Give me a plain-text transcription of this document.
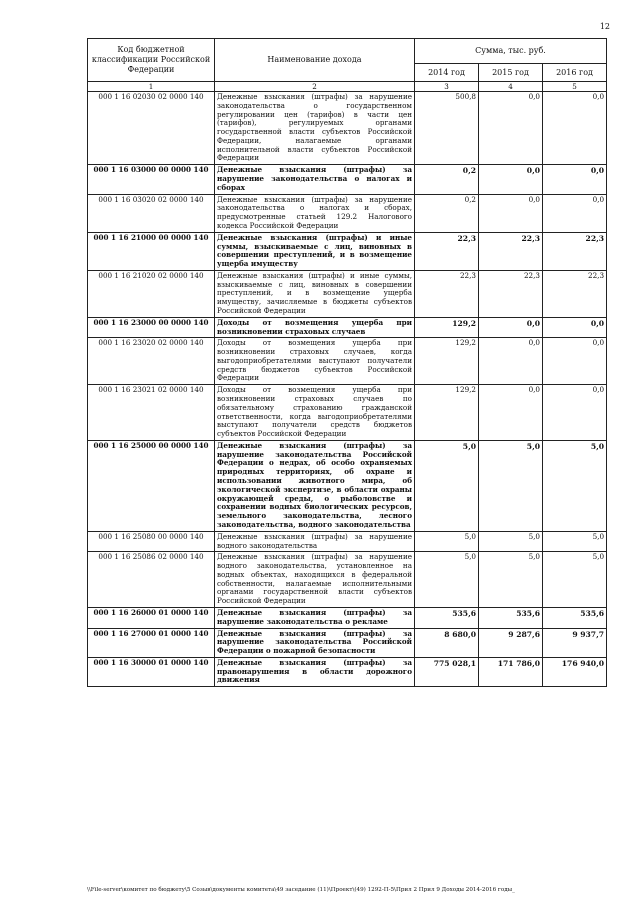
12
Код бюджетной классификации Российской Федерации	Наименование дохода	Сумма, тыс. руб.		
		2014 год	2015 год	2016 год
1	2	3	4	5
000 1 16 02030 02 0000 140	Денежные взыскания (штрафы) за нарушение законодательства о государственном регулировании цен (тарифов) в части цен (тарифов), регулируемых органами государственной власти субъектов Российской Федерации, налагаемые органами исполнительной власти субъектов Российской Федерации	500,8	0,0	0,0
000 1 16 03000 00 0000 140	Денежные взыскания (штрафы) за нарушение законодательства о налогах и сборах	0,2	0,0	0,0
000 1 16 03020 02 0000 140	Денежные взыскания (штрафы) за нарушение законодательства о налогах и сборах, предусмотренные статьей 129.2 Налогового кодекса Российской Федерации	0,2	0,0	0,0
000 1 16 21000 00 0000 140	Денежные взыскания (штрафы) и иные суммы, взыскиваемые с лиц, виновных в совершении преступлений, и в возмещение ущерба имуществу	22,3	22,3	22,3
000 1 16 21020 02 0000 140	Денежные взыскания (штрафы) и иные суммы, взыскиваемые с лиц, виновных в совершении преступлений, и в возмещение ущерба имуществу, зачисляемые в бюджеты субъектов Российской Федерации	22,3	22,3	22,3
000 1 16 23000 00 0000 140	Доходы от возмещения ущерба при возникновении страховых случаев	129,2	0,0	0,0
000 1 16 23020 02 0000 140	Доходы от возмещения ущерба при возникновении страховых случаев, когда выгодоприобретателями выступают получатели средств бюджетов субъектов Российской Федерации	129,2	0,0	0,0
000 1 16 23021 02 0000 140	Доходы от возмещения ущерба при возникновении страховых случаев по обязательному страхованию гражданской ответственности, когда выгодоприобретателями выступают получатели средств бюджетов субъектов Российской Федерации	129,2	0,0	0,0
000 1 16 25000 00 0000 140	Денежные взыскания (штрафы) за нарушение законодательства Российской Федерации о недрах, об особо охраняемых природных территориях, об охране и использовании животного мира, об экологической экспертизе, в области охраны окружающей среды, о рыболовстве и сохранении водных биологических ресурсов, земельного законодательства, лесного законодательства, водного законодательства	5,0	5,0	5,0
000 1 16 25080 00 0000 140	Денежные взыскания (штрафы) за нарушение водного законодательства	5,0	5,0	5,0
000 1 16 25086 02 0000 140	Денежные взыскания (штрафы) за нарушение водного законодательства, установленное на водных объектах, находящихся в федеральной собственности, налагаемые исполнительными органами государственной власти субъектов Российской Федерации	5,0	5,0	5,0
000 1 16 26000 01 0000 140	Денежные взыскания (штрафы) за нарушение законодательства о рекламе	535,6	535,6	535,6
000 1 16 27000 01 0000 140	Денежные взыскания (штрафы) за нарушение законодательства Российской Федерации о пожарной безопасности	8 680,0	9 287,6	9 937,7
000 1 16 30000 01 0000 140	Денежные взыскания (штрафы) за правонарушения в области дорожного движения	775 028,1	171 786,0	176 940,0
\\File-server\комитет по бюджету\5 Созыв\документы комитета\49 заседание (11)\Проект\(49) 1292-П-5\Прил 2 Прил 9 Доходы 2014-2016 годы_
